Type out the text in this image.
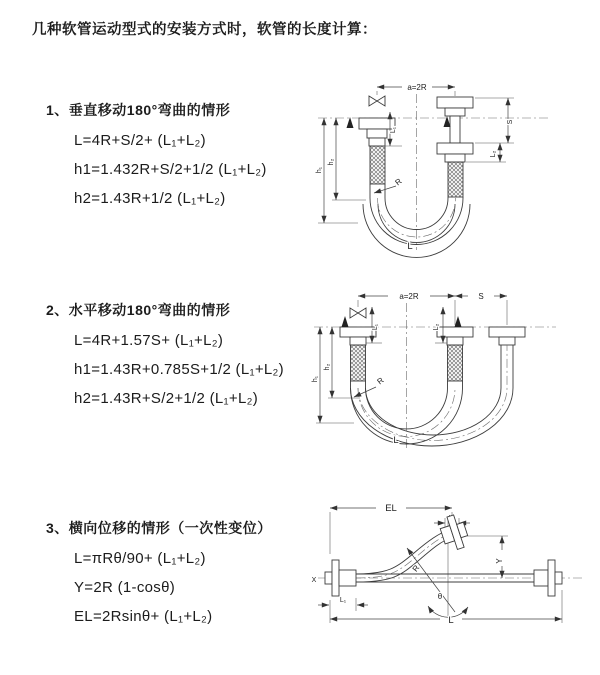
几种软管运动型式的安装方式时，软管的长度计算：
1、垂直移动180°弯曲的情形
L=4R+S/2+ (L₁+L₂)
h1=1.432R+S/2+1/2 (L₁+L₂)
h2=1.43R+1/2 (L₁+L₂)
2、水平移动180°弯曲的情形
L=4R+1.57S+ (L₁+L₂)
h1=1.43R+0.785S+1/2 (L₁+L₂)
h2=1.43R+S/2+1/2 (L₁+L₂)
3、横向位移的情形（一次性变位）
L=πRθ/90+ (L₁+L₂)
Y=2R (1-cosθ)
EL=2Rsinθ+ (L₁+L₂)
a=2R
R
L
h₁
h₂
L₁
S
L₂
a=2R	S
L₁	L₂
h₁
h₂
R
L
EL
R
θ
Y
L
L₁
X
